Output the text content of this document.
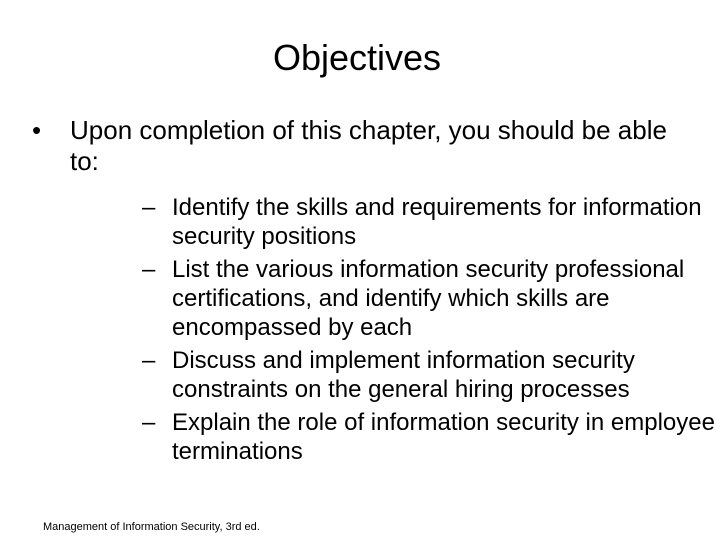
Objectives
• Upon completion of this chapter, you should be able to:
– Identify the skills and requirements for information security positions
– List the various information security professional certifications, and identify which skills are encompassed by each
– Discuss and implement information security constraints on the general hiring processes
– Explain the role of information security in employee terminations
Management of Information Security, 3rd ed.
